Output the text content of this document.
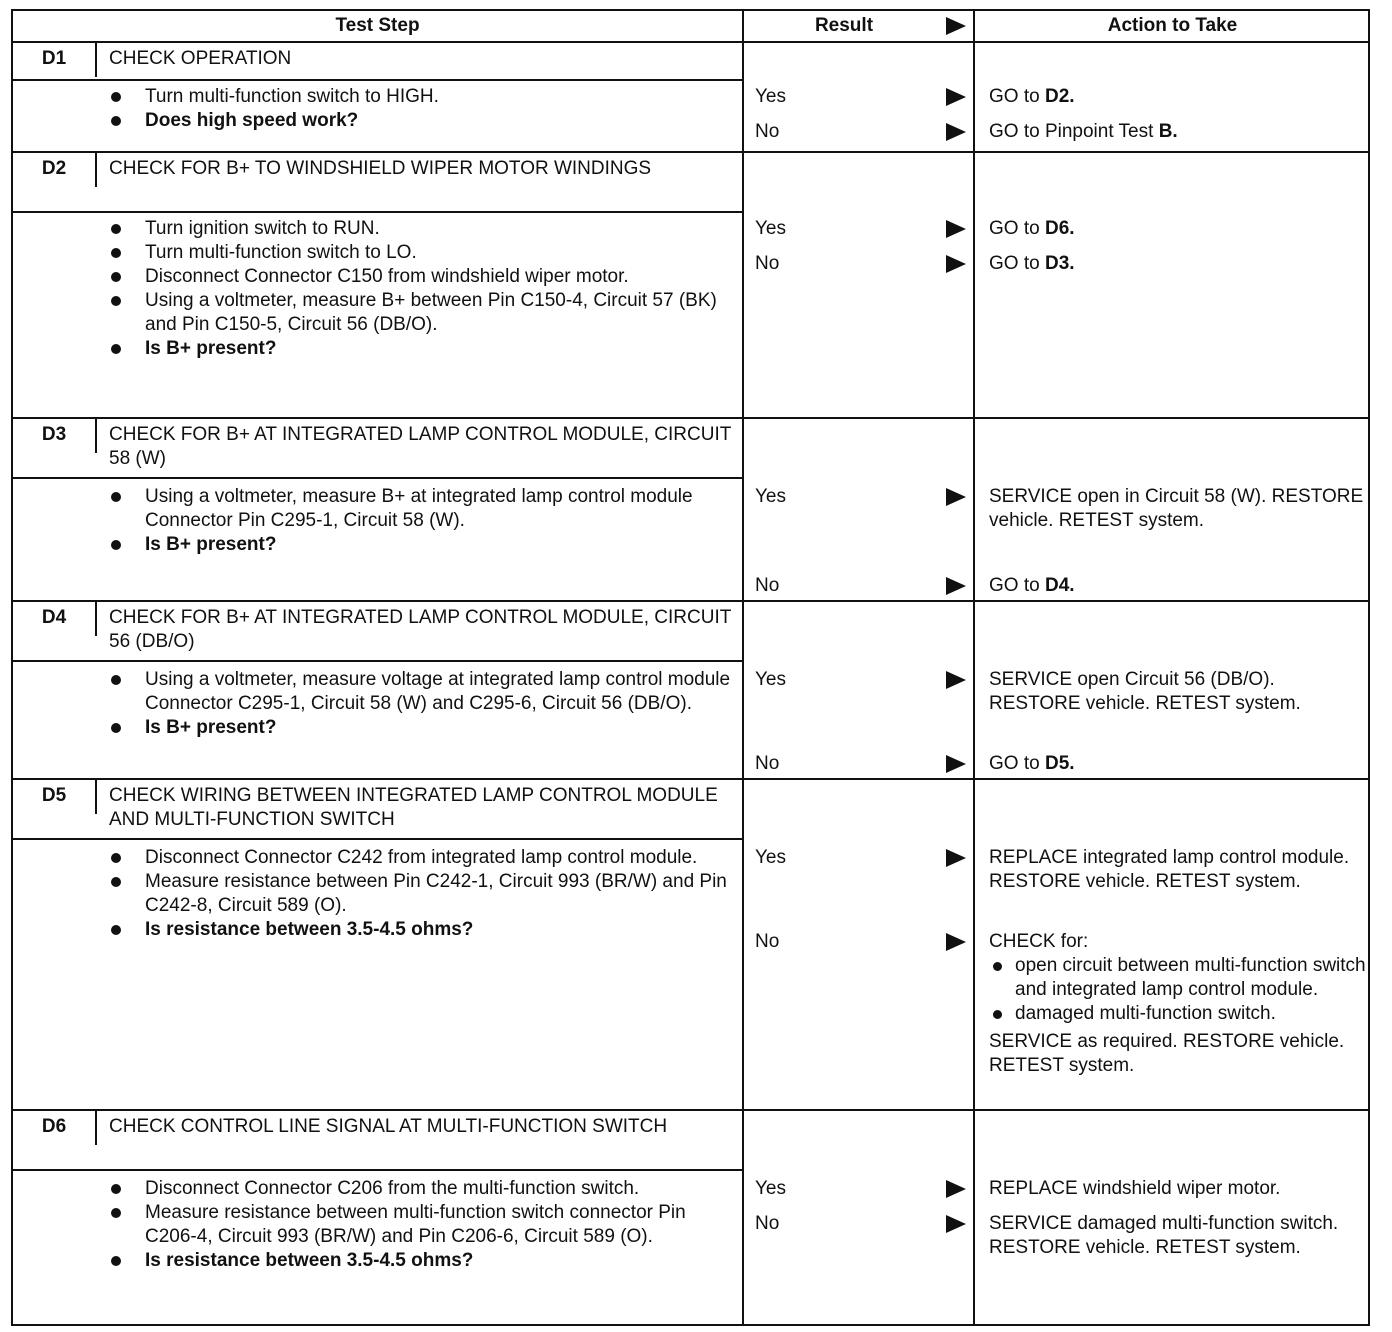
Test Step	Result	Action to Take
D1	CHECK OPERATION
Turn multi-function switch to HIGH.
Does high speed work?
Yes	GO to D2.
No	GO to Pinpoint Test B.
D2	CHECK FOR B+ TO WINDSHIELD WIPER MOTOR WINDINGS
Turn ignition switch to RUN.
Turn multi-function switch to LO.
Disconnect Connector C150 from windshield wiper motor.
Using a voltmeter, measure B+ between Pin C150-4, Circuit 57 (BK) and Pin C150-5, Circuit 56 (DB/O).
Is B+ present?
Yes	GO to D6.
No	GO to D3.
D3	CHECK FOR B+ AT INTEGRATED LAMP CONTROL MODULE, CIRCUIT 58 (W)
Using a voltmeter, measure B+ at integrated lamp control module Connector Pin C295-1, Circuit 58 (W).
Is B+ present?
Yes	SERVICE open in Circuit 58 (W). RESTORE vehicle. RETEST system.
No	GO to D4.
D4	CHECK FOR B+ AT INTEGRATED LAMP CONTROL MODULE, CIRCUIT 56 (DB/O)
Using a voltmeter, measure voltage at integrated lamp control module Connector C295-1, Circuit 58 (W) and C295-6, Circuit 56 (DB/O).
Is B+ present?
Yes	SERVICE open Circuit 56 (DB/O). RESTORE vehicle. RETEST system.
No	GO to D5.
D5	CHECK WIRING BETWEEN INTEGRATED LAMP CONTROL MODULE AND MULTI-FUNCTION SWITCH
Disconnect Connector C242 from integrated lamp control module.
Measure resistance between Pin C242-1, Circuit 993 (BR/W) and Pin C242-8, Circuit 589 (O).
Is resistance between 3.5-4.5 ohms?
Yes	REPLACE integrated lamp control module. RESTORE vehicle. RETEST system.
No	CHECK for:
open circuit between multi-function switch and integrated lamp control module.
damaged multi-function switch.
SERVICE as required. RESTORE vehicle. RETEST system.
D6	CHECK CONTROL LINE SIGNAL AT MULTI-FUNCTION SWITCH
Disconnect Connector C206 from the multi-function switch.
Measure resistance between multi-function switch connector Pin C206-4, Circuit 993 (BR/W) and Pin C206-6, Circuit 589 (O).
Is resistance between 3.5-4.5 ohms?
Yes	REPLACE windshield wiper motor.
No	SERVICE damaged multi-function switch. RESTORE vehicle. RETEST system.
